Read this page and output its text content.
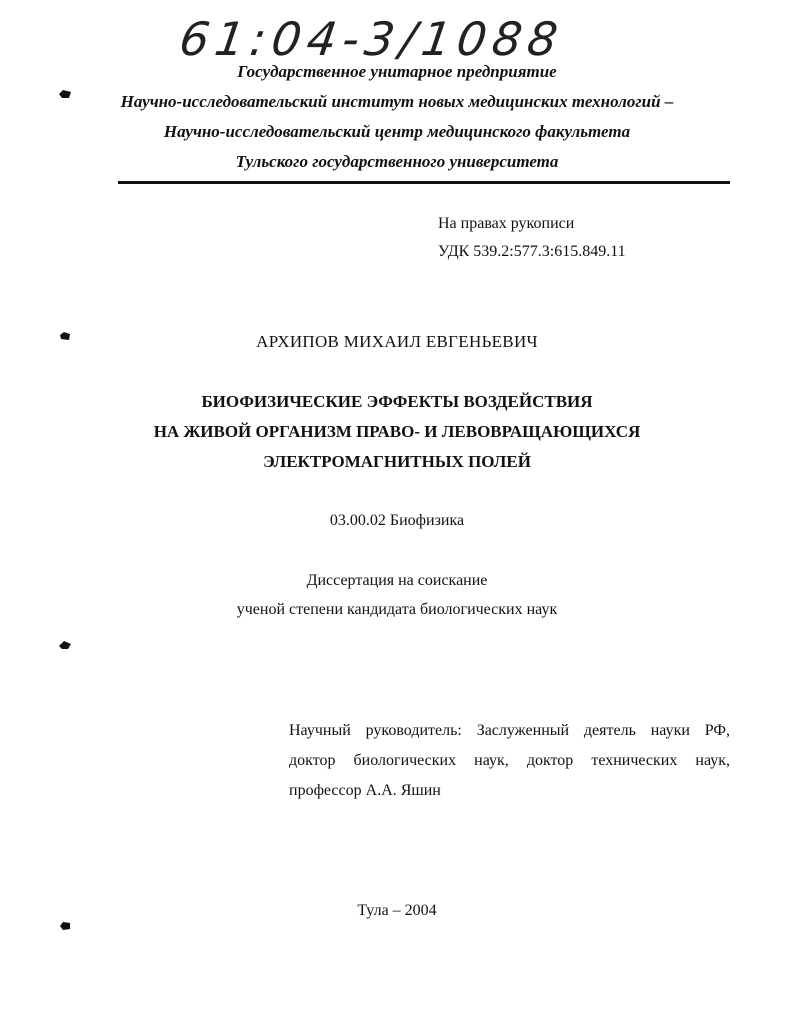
61:04-3/1088
Государственное унитарное предприятие
Научно-исследовательский институт новых медицинских технологий –
Научно-исследовательский центр медицинского факультета
Тульского государственного университета
На правах рукописи
УДК 539.2:577.3:615.849.11
АРХИПОВ МИХАИЛ ЕВГЕНЬЕВИЧ
БИОФИЗИЧЕСКИЕ ЭФФЕКТЫ ВОЗДЕЙСТВИЯ
НА ЖИВОЙ ОРГАНИЗМ ПРАВО- И ЛЕВОВРАЩАЮЩИХСЯ
ЭЛЕКТРОМАГНИТНЫХ ПОЛЕЙ
03.00.02 Биофизика
Диссертация на соискание
ученой степени кандидата биологических наук
Научный руководитель: Заслуженный деятель науки РФ,
доктор биологических наук, доктор технических наук,
профессор А.А. Яшин
Тула – 2004
